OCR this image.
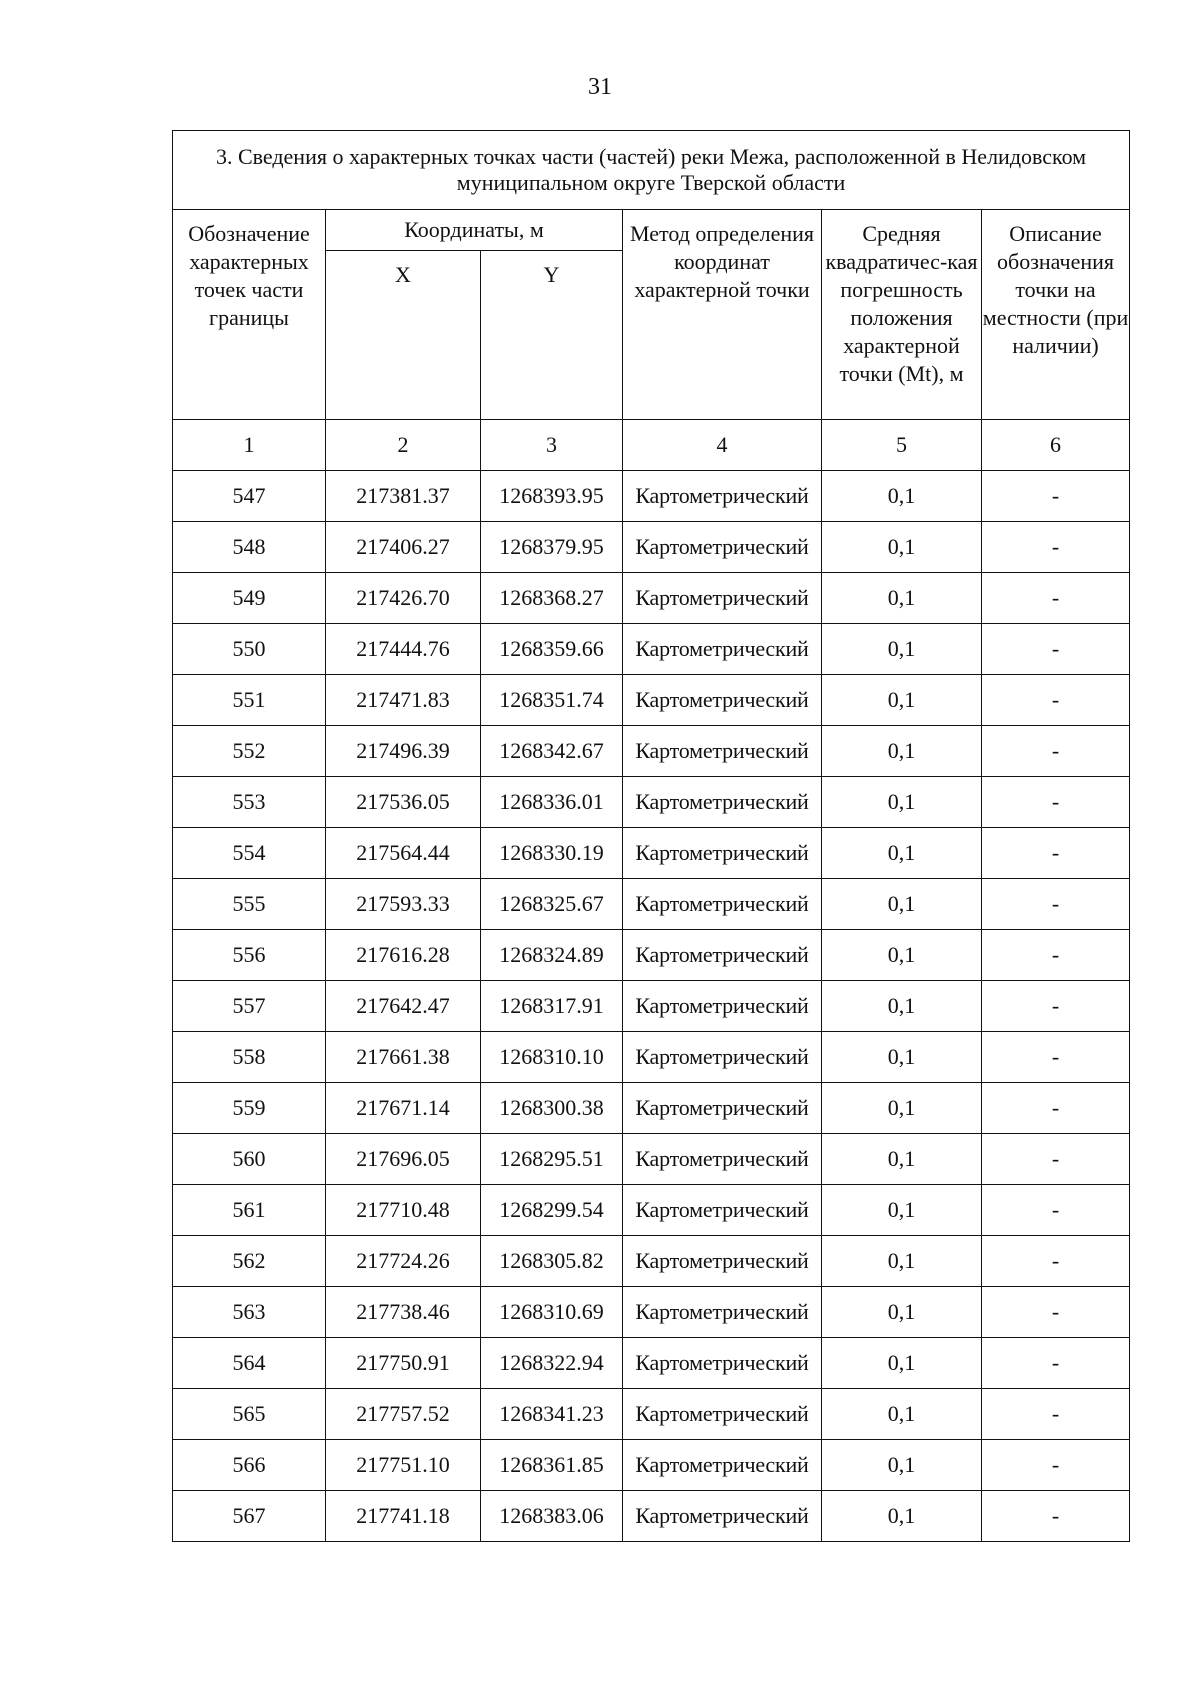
31
3. Сведения о характерных точках части (частей) реки Межа, расположенной в Нелидовском муниципальном округе Тверской области					
Обозначение характерных точек части границы	Координаты, м		Метод определения координат характерной точки	Средняя квадратичес-кая погрешность положения характерной точки (Mt), м	Описание обозначения точки на местности (при наличии)
	X	Y			
1	2	3	4	5	6
547	217381.37	1268393.95	Картометрический	0,1	-
548	217406.27	1268379.95	Картометрический	0,1	-
549	217426.70	1268368.27	Картометрический	0,1	-
550	217444.76	1268359.66	Картометрический	0,1	-
551	217471.83	1268351.74	Картометрический	0,1	-
552	217496.39	1268342.67	Картометрический	0,1	-
553	217536.05	1268336.01	Картометрический	0,1	-
554	217564.44	1268330.19	Картометрический	0,1	-
555	217593.33	1268325.67	Картометрический	0,1	-
556	217616.28	1268324.89	Картометрический	0,1	-
557	217642.47	1268317.91	Картометрический	0,1	-
558	217661.38	1268310.10	Картометрический	0,1	-
559	217671.14	1268300.38	Картометрический	0,1	-
560	217696.05	1268295.51	Картометрический	0,1	-
561	217710.48	1268299.54	Картометрический	0,1	-
562	217724.26	1268305.82	Картометрический	0,1	-
563	217738.46	1268310.69	Картометрический	0,1	-
564	217750.91	1268322.94	Картометрический	0,1	-
565	217757.52	1268341.23	Картометрический	0,1	-
566	217751.10	1268361.85	Картометрический	0,1	-
567	217741.18	1268383.06	Картометрический	0,1	-
